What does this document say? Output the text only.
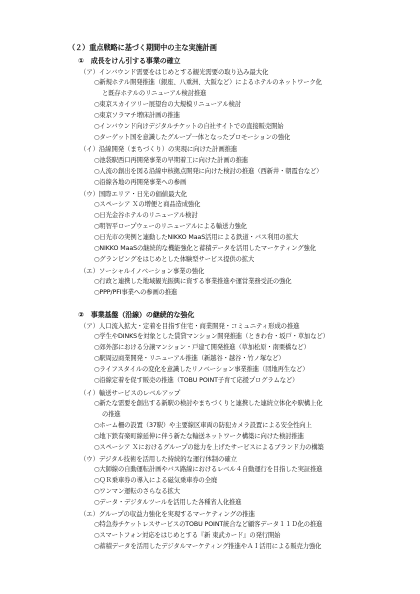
（２）重点戦略に基づく期間中の主な実施計画
①　成長をけん引する事業の確立
（ア）インバウンド需要をはじめとする観光需要の取り込み最大化
○新規ホテル開発推進（銀座、八重洲、大阪など）によるホテルのネットワーク化
と既存ホテルのリニューアル検討推進
○東京スカイツリー展望台の大規模リニューアル検討
○東京ソラマチ増床計画の推進
○インバウンド向けデジタルチケットの自社サイトでの直接販売開始
○ターゲット国を意識したグループ一体となったプロモーションの強化
（イ）沿線開発（まちづくり）の実現に向けた計画推進
○池袋駅西口再開発事業の早期着工に向けた計画の推進
○人流の創出を図る沿線中核拠点開発に向けた検討の推進（西新井・朝霞台など）
○沿線各地の再開発事業への参画
（ウ）国際エリア・日光の価値最大化
○スペーシア Ｘの増便と商品造成強化
○日光金谷ホテルのリニューアル検討
○明智平ロープウェーのリニューアルによる輸送力強化
○日光市の実例と連動したNIKKO MaaS活用による鉄道・バス利用の拡大
○NIKKO MaaSの継続的な機能強化と蓄積データを活用したマーケティング強化
○グランピングをはじめとした体験型サービス提供の拡大
（エ）ソーシャルイノベーション事業の強化
○行政と連携した地域観光振興に資する事業推進や運営業務受託の強化
○PPP/PFI事業への参画の推進
②　事業基盤（沿線）の継続的な強化
（ア）人口流入拡大・定着を目指す住宅・商業開発・コミュニティ形成の推進
○学生やDINKSを対象とした賃貸マンション開発推進（ときわ台・坂戸・草加など）
○郊外部における分譲マンション・戸建て開発推進（草加松原・南栗橋など）
○駅周辺商業開発・リニューアル推進（新越谷・越谷・竹ノ塚など）
○ライフスタイルの変化を意識したリノベーション事業推進（団地再生など）
○沿線定着を促す販売の推進（TOBU POINT子育て応援プログラムなど）
（イ）輸送サービスのレベルアップ
○新たな需要を創出する新駅の検討やまちづくりと連携した連続立体化や駅構上化
の推進
○ホーム柵の設置（37駅）や主要線区車両の防犯カメラ設置による安全性向上
○地下鉄有楽町線延伸に伴う新たな輸送ネットワーク構築に向けた検討推進
○スペーシア Ｘにおけるグループの総力を上げたサービスによるブランド力の構築
（ウ）デジタル技術を活用した持続的な運行体制の確立
○大師線の自動運転計画やバス路線におけるレベル４自動運行を目指した実証推進
○ＱＲ乗車券の導入による磁気乗車券の全廃
○ワンマン運転のさらなる拡大
○データ・デジタルツールを活用した各種省人化推進
（エ）グループの収益力強化を実現するマーケティングの推進
○特急券チケットレスサービスのTOBU POINT統合など顧客データ１１Ｄ化の推進
○スマートフォン対応をはじめとする『新 東武カード』の発行開始
○蓄積データを活用したデジタルマーケティング推進やＡＩ活用による販売力強化
